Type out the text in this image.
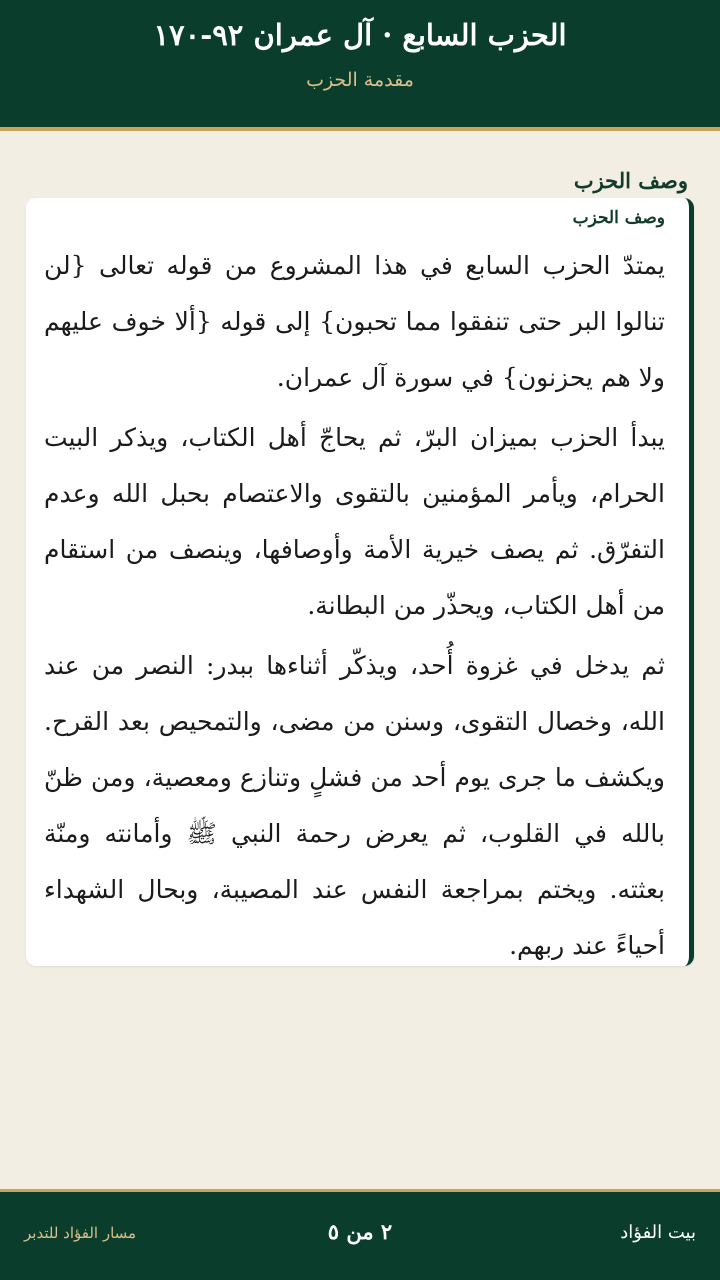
الحزب السابع · آل عمران ٩٢-١٧٠
مقدمة الحزب
وصف الحزب
وصف الحزب

يمتدّ الحزب السابع في هذا المشروع من قوله تعالى {لن تنالوا البر حتى تنفقوا مما تحبون} إلى قوله {ألا خوف عليهم ولا هم يحزنون} في سورة آل عمران.

يبدأ الحزب بميزان البرّ، ثم يحاجّ أهل الكتاب، ويذكر البيت الحرام، ويأمر المؤمنين بالتقوى والاعتصام بحبل الله وعدم التفرّق. ثم يصف خيرية الأمة وأوصافها، وينصف من استقام من أهل الكتاب، ويحذّر من البطانة.

ثم يدخل في غزوة أُحد، ويذكّر أثناءها ببدر: النصر من عند الله، وخصال التقوى، وسنن من مضى، والتمحيص بعد القرح. ويكشف ما جرى يوم أحد من فشلٍ وتنازع ومعصية، ومن ظنّ بالله في القلوب، ثم يعرض رحمة النبي ﷺ وأمانته ومنّة بعثته. ويختم بمراجعة النفس عند المصيبة، وبحال الشهداء أحياءً عند ربهم.

بيت الفؤاد
٢ من ٥
مسار الفؤاد للتدبر
